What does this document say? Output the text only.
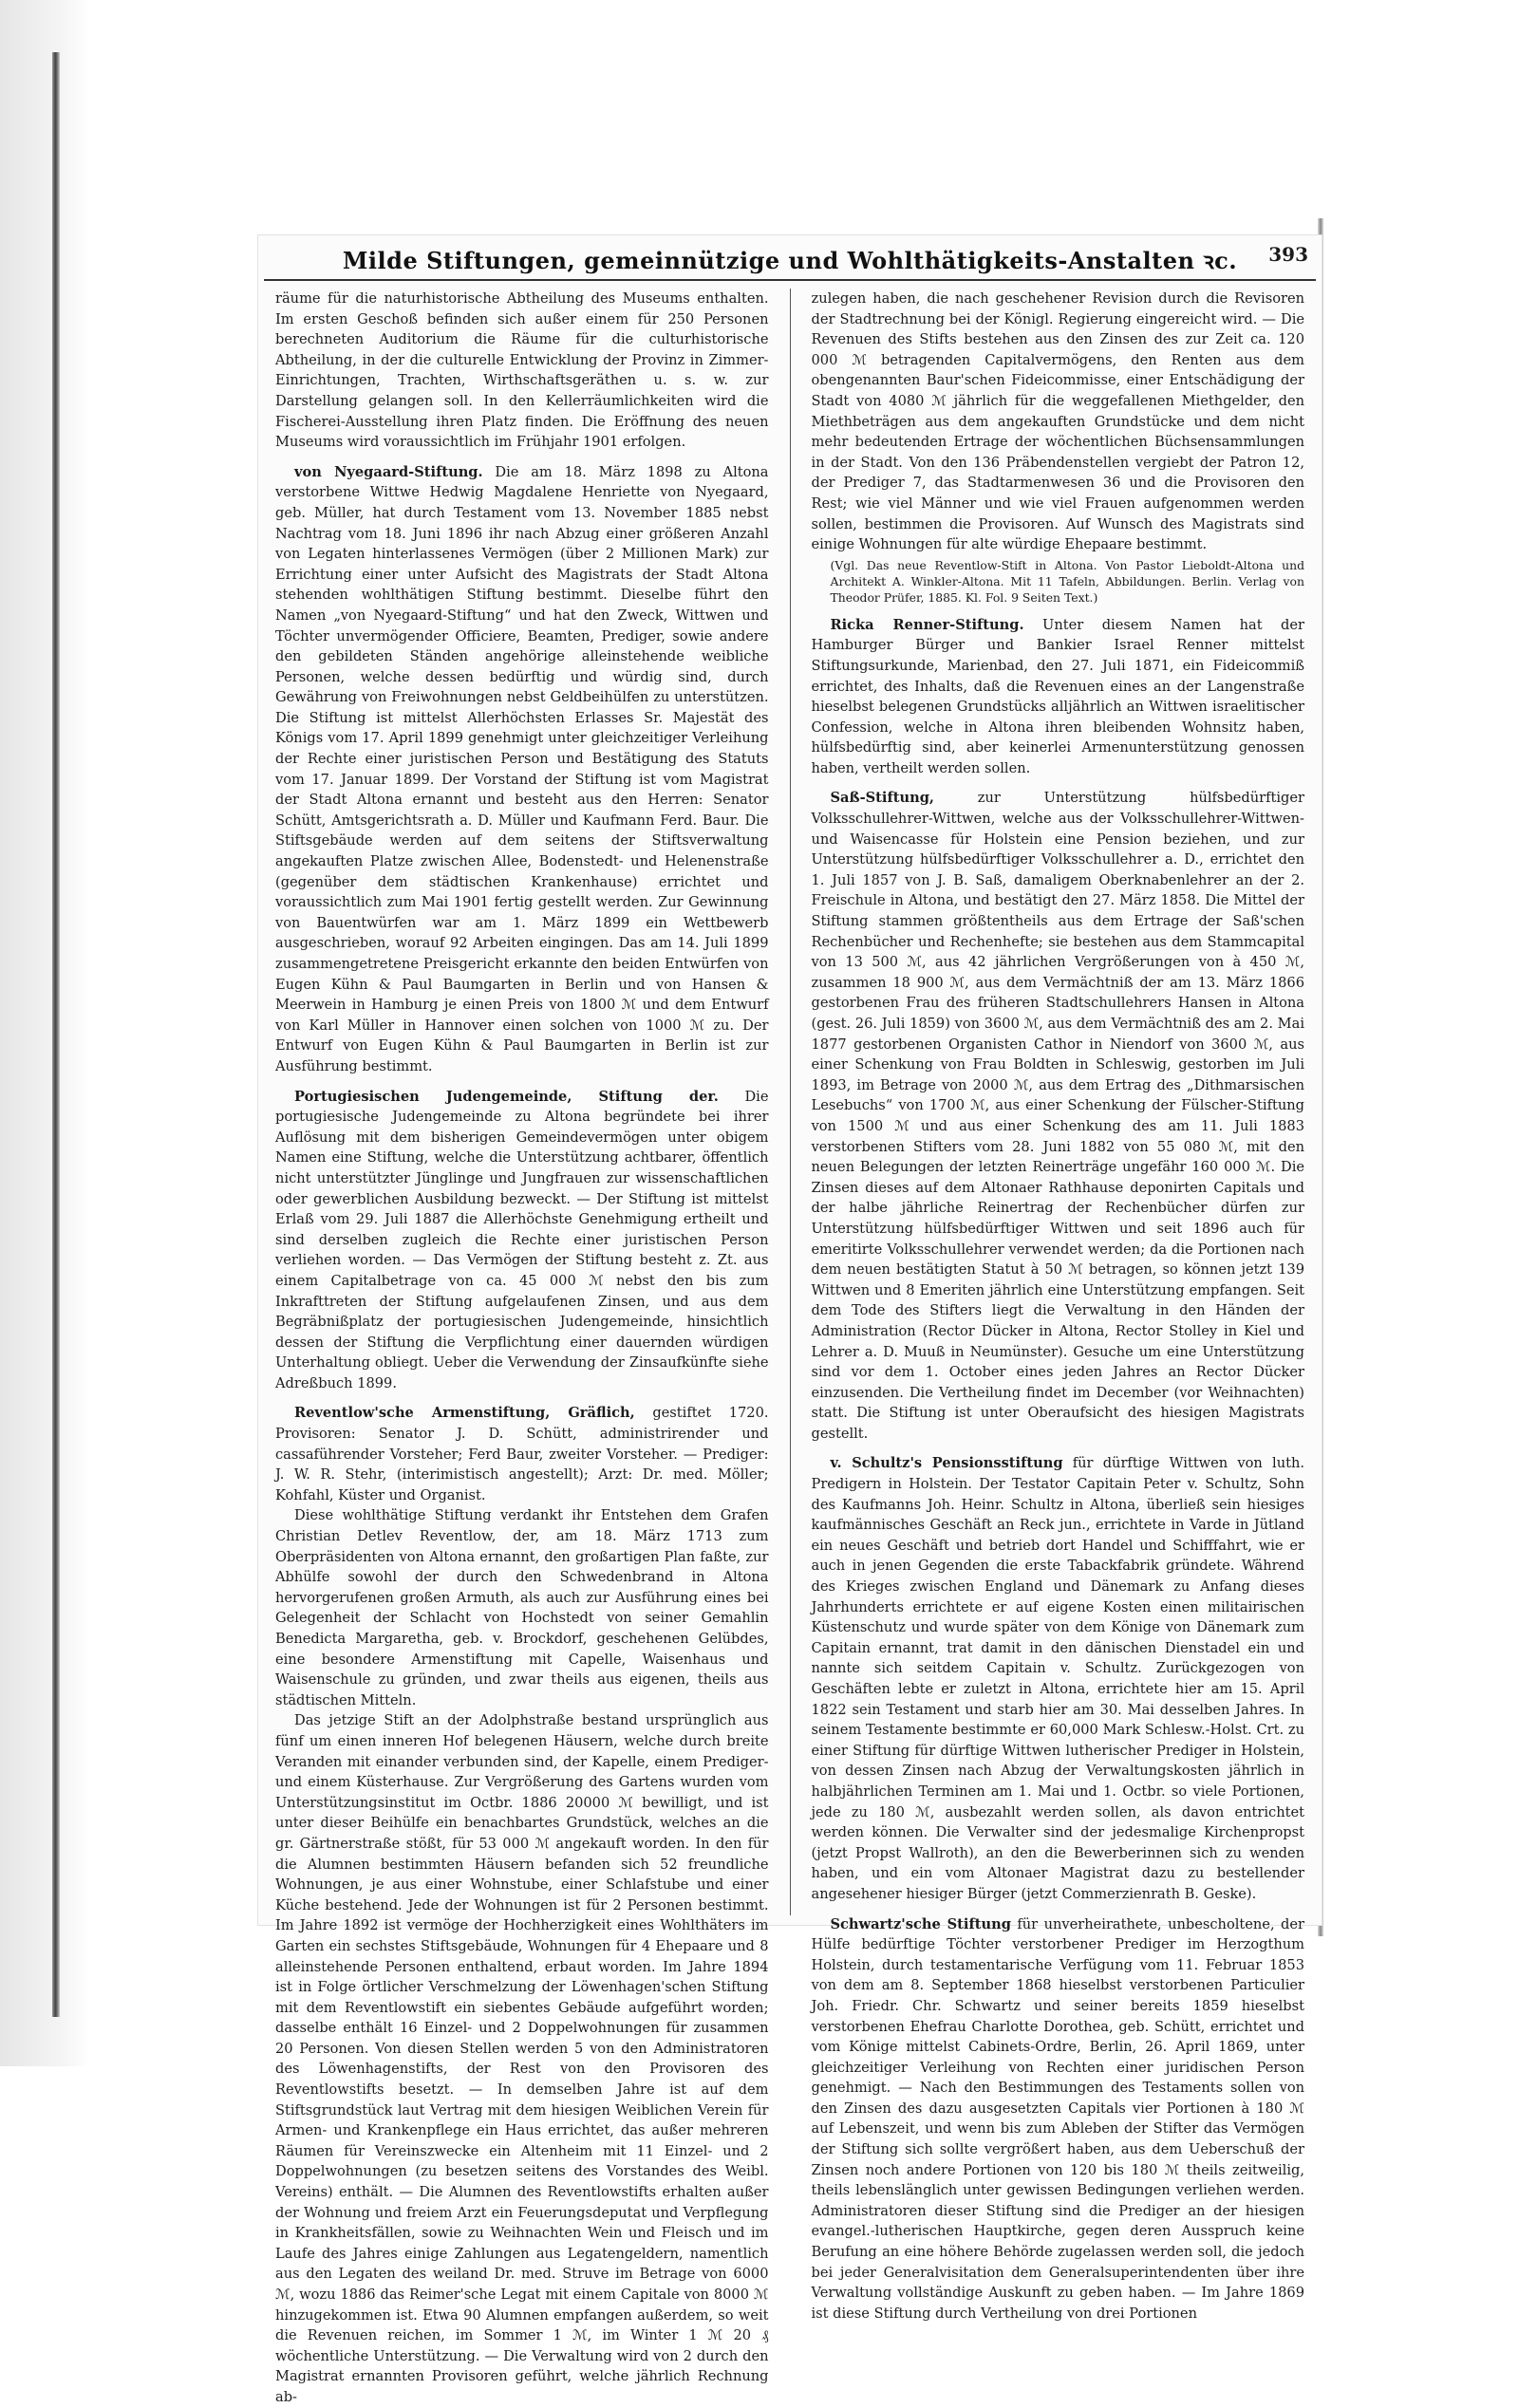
Milde Stiftungen, gemeinnützige und Wohlthätigkeits-Anstalten ꝛc. 393

räume für die naturhistorische Abtheilung des Museums enthalten. Im ersten Geschoß befinden sich außer einem für 250 Personen berechneten Auditorium die Räume für die culturhistorische Abtheilung, in der die culturelle Entwicklung der Provinz in Zimmer-Einrichtungen, Trachten, Wirthschaftsgeräthen u. s. w. zur Darstellung gelangen soll. In den Kellerräumlichkeiten wird die Fischerei-Ausstellung ihren Platz finden. Die Eröffnung des neuen Museums wird voraussichtlich im Frühjahr 1901 erfolgen.

von Nyegaard-Stiftung. Die am 18. März 1898 zu Altona verstorbene Wittwe Hedwig Magdalene Henriette von Nyegaard, geb. Müller, hat durch Testament vom 13. November 1885 nebst Nachtrag vom 18. Juni 1896 ihr nach Abzug einer größeren Anzahl von Legaten hinterlassenes Vermögen (über 2 Millionen Mark) zur Errichtung einer unter Aufsicht des Magistrats der Stadt Altona stehenden wohlthätigen Stiftung bestimmt. Dieselbe führt den Namen „von Nyegaard-Stiftung“ und hat den Zweck, Wittwen und Töchter unvermögender Officiere, Beamten, Prediger, sowie andere den gebildeten Ständen angehörige alleinstehende weibliche Personen, welche dessen bedürftig und würdig sind, durch Gewährung von Freiwohnungen nebst Geldbeihülfen zu unterstützen. Die Stiftung ist mittelst Allerhöchsten Erlasses Sr. Majestät des Königs vom 17. April 1899 genehmigt unter gleichzeitiger Verleihung der Rechte einer juristischen Person und Bestätigung des Statuts vom 17. Januar 1899. Der Vorstand der Stiftung ist vom Magistrat der Stadt Altona ernannt und besteht aus den Herren: Senator Schütt, Amtsgerichtsrath a. D. Müller und Kaufmann Ferd. Baur. Die Stiftsgebäude werden auf dem seitens der Stiftsverwaltung angekauften Platze zwischen Allee, Bodenstedt- und Helenenstraße (gegenüber dem städtischen Krankenhause) errichtet und voraussichtlich zum Mai 1901 fertig gestellt werden. Zur Gewinnung von Bauentwürfen war am 1. März 1899 ein Wettbewerb ausgeschrieben, worauf 92 Arbeiten eingingen. Das am 14. Juli 1899 zusammengetretene Preisgericht erkannte den beiden Entwürfen von Eugen Kühn & Paul Baumgarten in Berlin und von Hansen & Meerwein in Hamburg je einen Preis von 1800 ℳ und dem Entwurf von Karl Müller in Hannover einen solchen von 1000 ℳ zu. Der Entwurf von Eugen Kühn & Paul Baumgarten in Berlin ist zur Ausführung bestimmt.

Portugiesischen Judengemeinde, Stiftung der. Die portugiesische Judengemeinde zu Altona begründete bei ihrer Auflösung mit dem bisherigen Gemeindevermögen unter obigem Namen eine Stiftung, welche die Unterstützung achtbarer, öffentlich nicht unterstützter Jünglinge und Jungfrauen zur wissenschaftlichen oder gewerblichen Ausbildung bezweckt. — Der Stiftung ist mittelst Erlaß vom 29. Juli 1887 die Allerhöchste Genehmigung ertheilt und sind derselben zugleich die Rechte einer juristischen Person verliehen worden. — Das Vermögen der Stiftung besteht z. Zt. aus einem Capitalbetrage von ca. 45 000 ℳ nebst den bis zum Inkrafttreten der Stiftung aufgelaufenen Zinsen, und aus dem Begräbnißplatz der portugiesischen Judengemeinde, hinsichtlich dessen der Stiftung die Verpflichtung einer dauernden würdigen Unterhaltung obliegt. Ueber die Verwendung der Zinsaufkünfte siehe Adreßbuch 1899.

Reventlow'sche Armenstiftung, Gräflich, gestiftet 1720. Provisoren: Senator J. D. Schütt, administrirender und cassaführender Vorsteher; Ferd Baur, zweiter Vorsteher. — Prediger: J. W. R. Stehr, (interimistisch angestellt); Arzt: Dr. med. Möller; Kohfahl, Küster und Organist.

Diese wohlthätige Stiftung verdankt ihr Entstehen dem Grafen Christian Detlev Reventlow, der, am 18. März 1713 zum Oberpräsidenten von Altona ernannt, den großartigen Plan faßte, zur Abhülfe sowohl der durch den Schwedenbrand in Altona hervorgerufenen großen Armuth, als auch zur Ausführung eines bei Gelegenheit der Schlacht von Hochstedt von seiner Gemahlin Benedicta Margaretha, geb. v. Brockdorf, geschehenen Gelübdes, eine besondere Armenstiftung mit Capelle, Waisenhaus und Waisenschule zu gründen, und zwar theils aus eigenen, theils aus städtischen Mitteln.

Das jetzige Stift an der Adolphstraße bestand ursprünglich aus fünf um einen inneren Hof belegenen Häusern, welche durch breite Veranden mit einander verbunden sind, der Kapelle, einem Prediger- und einem Küsterhause. Zur Vergrößerung des Gartens wurden vom Unterstützungsinstitut im Octbr. 1886 20000 ℳ bewilligt, und ist unter dieser Beihülfe ein benachbartes Grundstück, welches an die gr. Gärtnerstraße stößt, für 53 000 ℳ angekauft worden. In den für die Alumnen bestimmten Häusern befanden sich 52 freundliche Wohnungen, je aus einer Wohnstube, einer Schlafstube und einer Küche bestehend. Jede der Wohnungen ist für 2 Personen bestimmt. Im Jahre 1892 ist vermöge der Hochherzigkeit eines Wohlthäters im Garten ein sechstes Stiftsgebäude, Wohnungen für 4 Ehepaare und 8 alleinstehende Personen enthaltend, erbaut worden. Im Jahre 1894 ist in Folge örtlicher Verschmelzung der Löwenhagen'schen Stiftung mit dem Reventlowstift ein siebentes Gebäude aufgeführt worden; dasselbe enthält 16 Einzel- und 2 Doppelwohnungen für zusammen 20 Personen. Von diesen Stellen werden 5 von den Administratoren des Löwenhagenstifts, der Rest von den Provisoren des Reventlowstifts besetzt. — In demselben Jahre ist auf dem Stiftsgrundstück laut Vertrag mit dem hiesigen Weiblichen Verein für Armen- und Krankenpflege ein Haus errichtet, das außer mehreren Räumen für Vereinszwecke ein Altenheim mit 11 Einzel- und 2 Doppelwohnungen (zu besetzen seitens des Vorstandes des Weibl. Vereins) enthält. — Die Alumnen des Reventlowstifts erhalten außer der Wohnung und freiem Arzt ein Feuerungsdeputat und Verpflegung in Krankheitsfällen, sowie zu Weihnachten Wein und Fleisch und im Laufe des Jahres einige Zahlungen aus Legatengeldern, namentlich aus den Legaten des weiland Dr. med. Struve im Betrage von 6000 ℳ, wozu 1886 das Reimer'sche Legat mit einem Capitale von 8000 ℳ hinzugekommen ist. Etwa 90 Alumnen empfangen außerdem, so weit die Revenuen reichen, im Sommer 1 ℳ, im Winter 1 ℳ 20 ₰ wöchentliche Unterstützung. — Die Verwaltung wird von 2 durch den Magistrat ernannten Provisoren geführt, welche jährlich Rechnung ab-

zulegen haben, die nach geschehener Revision durch die Revisoren der Stadtrechnung bei der Königl. Regierung eingereicht wird. — Die Revenuen des Stifts bestehen aus den Zinsen des zur Zeit ca. 120 000 ℳ betragenden Capitalvermögens, den Renten aus dem obengenannten Baur'schen Fideicommisse, einer Entschädigung der Stadt von 4080 ℳ jährlich für die weggefallenen Miethgelder, den Miethbeträgen aus dem angekauften Grundstücke und dem nicht mehr bedeutenden Ertrage der wöchentlichen Büchsensammlungen in der Stadt. Von den 136 Präbendenstellen vergiebt der Patron 12, der Prediger 7, das Stadtarmenwesen 36 und die Provisoren den Rest; wie viel Männer und wie viel Frauen aufgenommen werden sollen, bestimmen die Provisoren. Auf Wunsch des Magistrats sind einige Wohnungen für alte würdige Ehepaare bestimmt.

(Vgl. Das neue Reventlow-Stift in Altona. Von Pastor Lieboldt-Altona und Architekt A. Winkler-Altona. Mit 11 Tafeln, Abbildungen. Berlin. Verlag von Theodor Prüfer, 1885. Kl. Fol. 9 Seiten Text.)

Ricka Renner-Stiftung. Unter diesem Namen hat der Hamburger Bürger und Bankier Israel Renner mittelst Stiftungsurkunde, Marienbad, den 27. Juli 1871, ein Fideicommiß errichtet, des Inhalts, daß die Revenuen eines an der Langenstraße hieselbst belegenen Grundstücks alljährlich an Wittwen israelitischer Confession, welche in Altona ihren bleibenden Wohnsitz haben, hülfsbedürftig sind, aber keinerlei Armenunterstützung genossen haben, vertheilt werden sollen.

Saß-Stiftung,	zur Unterstützung hülfsbedürftiger Volksschullehrer-Wittwen, welche aus der Volksschullehrer-Wittwen- und Waisencasse für Holstein eine Pension beziehen, und zur Unterstützung hülfsbedürftiger Volksschullehrer a. D., errichtet den 1. Juli 1857 von J. B. Saß, damaligem Oberknabenlehrer an der 2. Freischule in Altona, und bestätigt den 27. März 1858. Die Mittel der Stiftung stammen größtentheils aus dem Ertrage der Saß'schen Rechenbücher und Rechenhefte; sie bestehen aus dem Stammcapital von 13 500 ℳ, aus 42 jährlichen Vergrößerungen von à 450 ℳ, zusammen 18 900 ℳ, aus dem Vermächtniß der am 13. März 1866 gestorbenen Frau des früheren Stadtschullehrers Hansen in Altona (gest. 26. Juli 1859) von 3600 ℳ, aus dem Vermächtniß des am 2. Mai 1877 gestorbenen Organisten Cathor in Niendorf von 3600 ℳ, aus einer Schenkung von Frau Boldten in Schleswig, gestorben im Juli 1893, im Betrage von 2000 ℳ, aus dem Ertrag des „Dithmarsischen Lesebuchs“ von 1700 ℳ, aus einer Schenkung der Fülscher-Stiftung von 1500 ℳ und aus einer Schenkung des am 11. Juli 1883 verstorbenen Stifters vom 28. Juni 1882 von 55 080 ℳ, mit den neuen Belegungen der letzten Reinerträge ungefähr 160 000 ℳ. Die Zinsen dieses auf dem Altonaer Rathhause deponirten Capitals und der halbe jährliche Reinertrag der Rechenbücher dürfen zur Unterstützung hülfsbedürftiger Wittwen und seit 1896 auch für emeritirte Volksschullehrer verwendet werden; da die Portionen nach dem neuen bestätigten Statut à 50 ℳ betragen, so können jetzt 139 Wittwen und 8 Emeriten jährlich eine Unterstützung empfangen. Seit dem Tode des Stifters liegt die Verwaltung in den Händen der Administration (Rector Dücker in Altona, Rector Stolley in Kiel und Lehrer a. D. Muuß in Neumünster). Gesuche um eine Unterstützung sind vor dem 1. October eines jeden Jahres an Rector Dücker einzusenden. Die Vertheilung findet im December (vor Weihnachten) statt. Die Stiftung ist unter Oberaufsicht des hiesigen Magistrats gestellt.

v. Schultz's Pensionsstiftung für dürftige Wittwen von luth. Predigern in Holstein. Der Testator Capitain Peter v. Schultz, Sohn des Kaufmanns Joh. Heinr. Schultz in Altona, überließ sein hiesiges kaufmännisches Geschäft an Reck jun., errichtete in Varde in Jütland ein neues Geschäft und betrieb dort Handel und Schifffahrt, wie er auch in jenen Gegenden die erste Tabackfabrik gründete. Während des Krieges zwischen England und Dänemark zu Anfang dieses Jahrhunderts errichtete er auf eigene Kosten einen militairischen Küstenschutz und wurde später von dem Könige von Dänemark zum Capitain ernannt, trat damit in den dänischen Dienstadel ein und nannte sich seitdem Capitain v. Schultz. Zurückgezogen von Geschäften lebte er zuletzt in Altona, errichtete hier am 15. April 1822 sein Testament und starb hier am 30. Mai desselben Jahres. In seinem Testamente bestimmte er 60,000 Mark Schlesw.-Holst. Crt. zu einer Stiftung für dürftige Wittwen lutherischer Prediger in Holstein, von dessen Zinsen nach Abzug der Verwaltungskosten jährlich in halbjährlichen Terminen am 1. Mai und 1. Octbr. so viele Portionen, jede zu 180 ℳ, ausbezahlt werden sollen, als davon entrichtet werden können. Die Verwalter sind der jedesmalige Kirchenpropst (jetzt Propst Wallroth), an den die Bewerberinnen sich zu wenden haben, und ein vom Altonaer Magistrat dazu zu bestellender angesehener hiesiger Bürger (jetzt Commerzienrath B. Geske).

Schwartz'sche Stiftung für unverheirathete, unbescholtene, der Hülfe bedürftige Töchter verstorbener Prediger im Herzogthum Holstein, durch testamentarische Verfügung vom 11. Februar 1853 von dem am 8. September 1868 hieselbst verstorbenen Particulier Joh. Friedr. Chr. Schwartz und seiner bereits 1859 hieselbst verstorbenen Ehefrau Charlotte Dorothea, geb. Schütt, errichtet und vom Könige mittelst Cabinets-Ordre, Berlin, 26. April 1869, unter gleichzeitiger Verleihung von Rechten einer juridischen Person genehmigt. — Nach den Bestimmungen des Testaments sollen von den Zinsen des dazu ausgesetzten Capitals vier Portionen à 180 ℳ auf Lebenszeit, und wenn bis zum Ableben der Stifter das Vermögen der Stiftung sich sollte vergrößert haben, aus dem Ueberschuß der Zinsen noch andere Portionen von 120 bis 180 ℳ theils zeitweilig, theils lebenslänglich unter gewissen Bedingungen verliehen werden. Administratoren dieser Stiftung sind die Prediger an der hiesigen evangel.-lutherischen Hauptkirche, gegen deren Ausspruch keine Berufung an eine höhere Behörde zugelassen werden soll, die jedoch bei jeder Generalvisitation dem Generalsuperintendenten über ihre Verwaltung vollständige Auskunft zu geben haben. — Im Jahre 1869 ist diese Stiftung durch Vertheilung von drei Portionen
